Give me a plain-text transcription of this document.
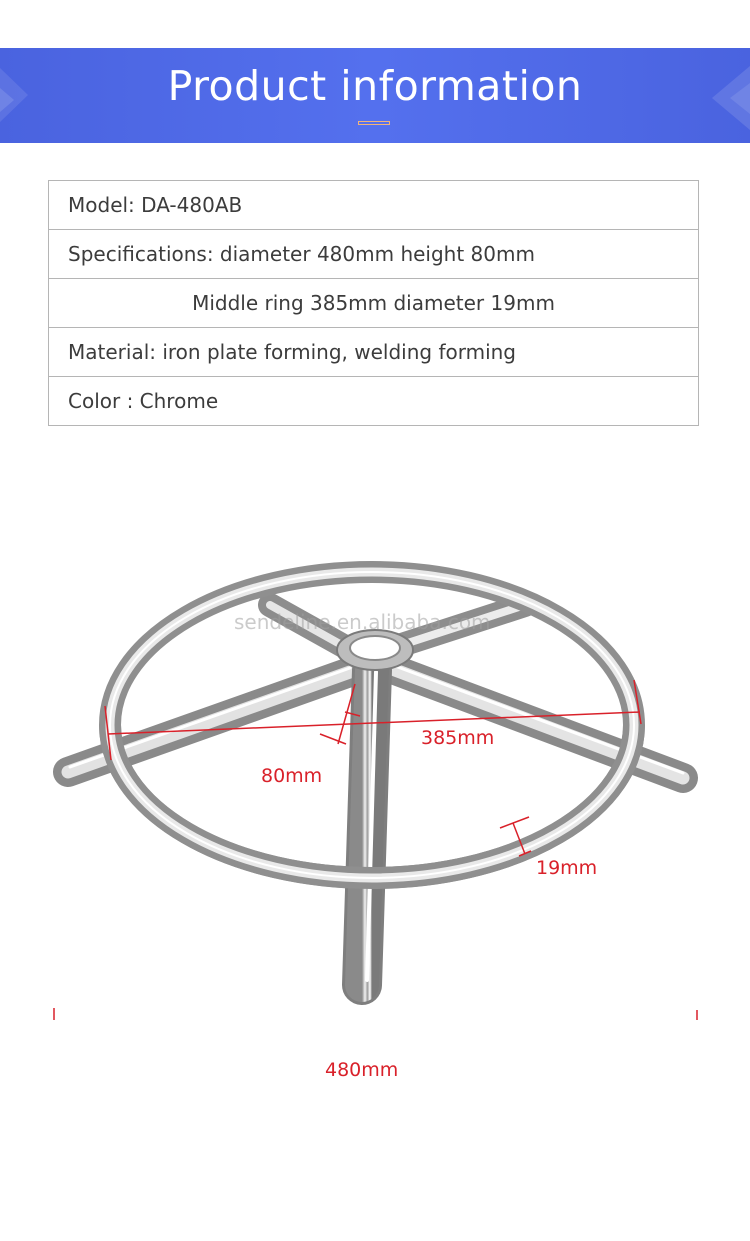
Product information
Model: DA-480AB
Specifications: diameter 480mm height 80mm
Middle ring 385mm diameter 19mm
Material: iron plate forming, welding forming
Color : Chrome
sendeline.en.alibaba.com
385mm
80mm
19mm
480mm
